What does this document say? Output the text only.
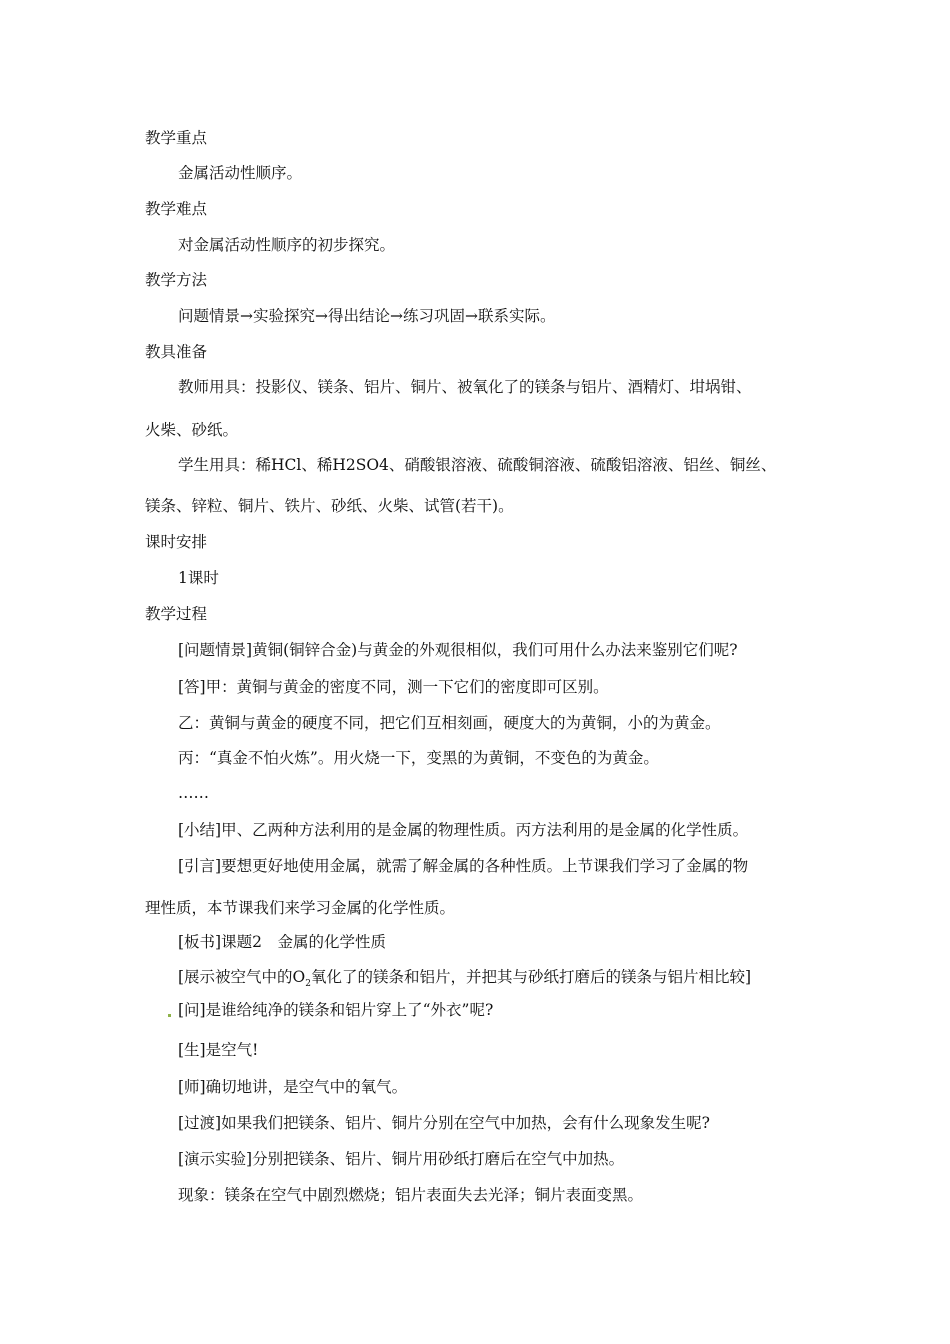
教学重点
金属活动性顺序。
教学难点
对金属活动性顺序的初步探究。
教学方法
问题情景→实验探究→得出结论→练习巩固→联系实际。
教具准备
教师用具：投影仪、镁条、铝片、铜片、被氧化了的镁条与铝片、酒精灯、坩埚钳、
火柴、砂纸。
学生用具：稀HCl、稀H2SO4、硝酸银溶液、硫酸铜溶液、硫酸铝溶液、铝丝、铜丝、
镁条、锌粒、铜片、铁片、砂纸、火柴、试管(若干)。
课时安排
1课时
教学过程
[问题情景]黄铜(铜锌合金)与黄金的外观很相似，我们可用什么办法来鉴别它们呢?
[答]甲：黄铜与黄金的密度不同，测一下它们的密度即可区别。
乙：黄铜与黄金的硬度不同，把它们互相刻画，硬度大的为黄铜，小的为黄金。
丙：“真金不怕火炼”。用火烧一下，变黑的为黄铜，不变色的为黄金。
……
[小结]甲、乙两种方法利用的是金属的物理性质。丙方法利用的是金属的化学性质。
[引言]要想更好地使用金属，就需了解金属的各种性质。上节课我们学习了金属的物
理性质，本节课我们来学习金属的化学性质。
[板书]课题2　金属的化学性质
[展示被空气中的$O_2$氧化了的镁条和铝片，并把其与砂纸打磨后的镁条与铝片相比较]
[问]是谁给纯净的镁条和铝片穿上了“外衣”呢?
[生]是空气!
[师]确切地讲，是空气中的氧气。
[过渡]如果我们把镁条、铝片、铜片分别在空气中加热，会有什么现象发生呢?
[演示实验]分别把镁条、铝片、铜片用砂纸打磨后在空气中加热。
现象：镁条在空气中剧烈燃烧；铝片表面失去光泽；铜片表面变黑。
